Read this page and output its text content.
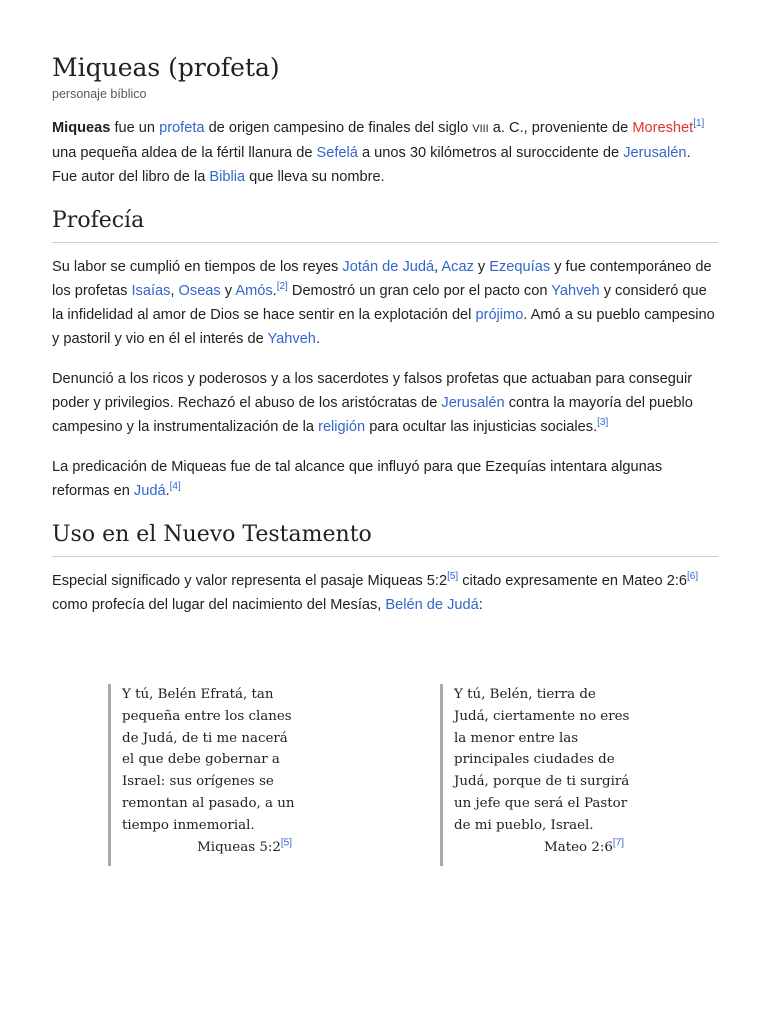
Miqueas (profeta)
personaje bíblico

Miqueas fue un profeta de origen campesino de finales del siglo VIII a. C., proveniente de Moreshet[1] una pequeña aldea de la fértil llanura de Sefelá a unos 30 kilómetros al suroccidente de Jerusalén. Fue autor del libro de la Biblia que lleva su nombre.

Profecía

Su labor se cumplió en tiempos de los reyes Jotán de Judá, Acaz y Ezequías y fue contemporáneo de los profetas Isaías, Oseas y Amós.[2] Demostró un gran celo por el pacto con Yahveh y consideró que la infidelidad al amor de Dios se hace sentir en la explotación del prójimo. Amó a su pueblo campesino y pastoril y vio en él el interés de Yahveh.

Denunció a los ricos y poderosos y a los sacerdotes y falsos profetas que actuaban para conseguir poder y privilegios. Rechazó el abuso de los aristócratas de Jerusalén contra la mayoría del pueblo campesino y la instrumentalización de la religión para ocultar las injusticias sociales.[3]

La predicación de Miqueas fue de tal alcance que influyó para que Ezequías intentara algunas reformas en Judá.[4]

Uso en el Nuevo Testamento

Especial significado y valor representa el pasaje Miqueas 5:2[5] citado expresamente en Mateo 2:6[6] como profecía del lugar del nacimiento del Mesías, Belén de Judá:

Y tú, Belén Efratá, tan pequeña entre los clanes de Judá, de ti me nacerá el que debe gobernar a Israel: sus orígenes se remontan al pasado, a un tiempo inmemorial.
Miqueas 5:2[5]
Y tú, Belén, tierra de Judá, ciertamente no eres la menor entre las principales ciudades de Judá, porque de ti surgirá un jefe que será el Pastor de mi pueblo, Israel.
Mateo 2:6[7]
